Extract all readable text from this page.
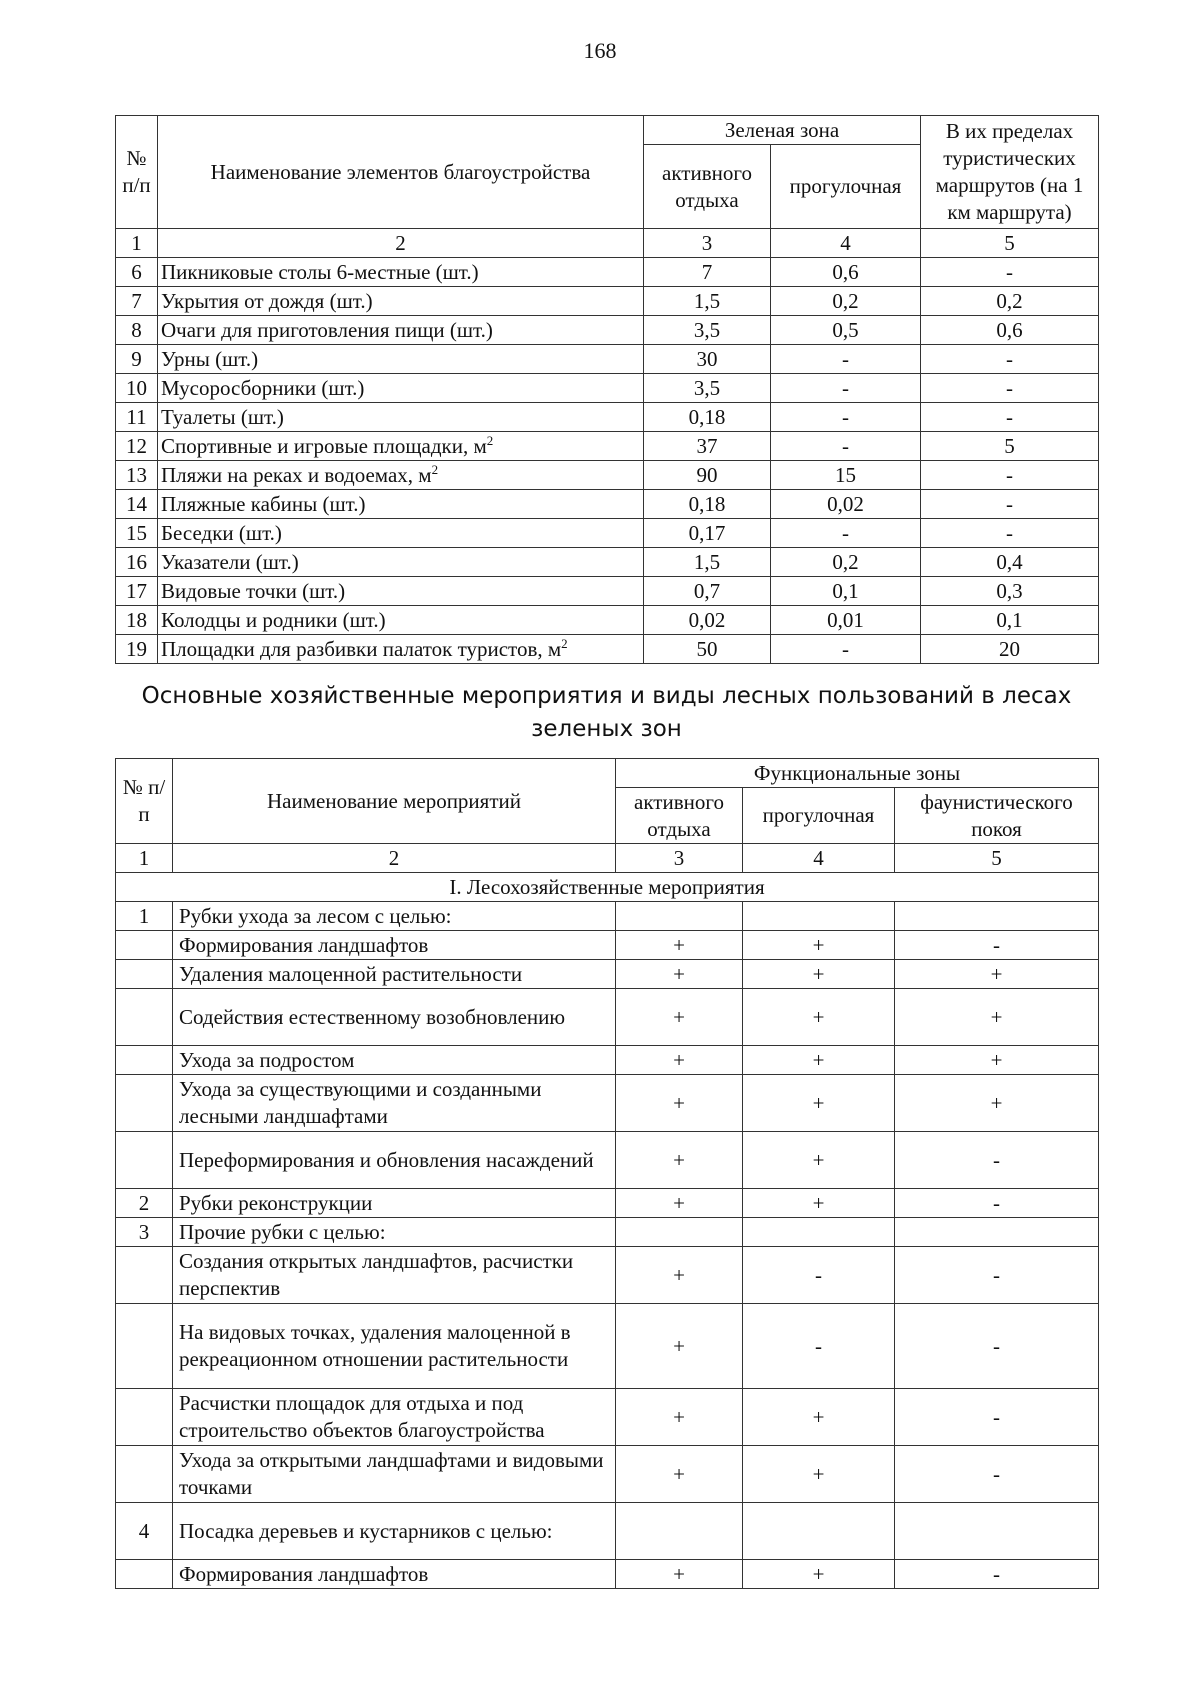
168
№ п/п	Наименование элементов благоустройства	Зеленая зона		В их пределах туристических маршрутов (на 1 км маршрута)
		активного отдыха	прогулочная	
1	2	3	4	5
6	Пикниковые столы 6-местные (шт.)	7	0,6	-
7	Укрытия от дождя (шт.)	1,5	0,2	0,2
8	Очаги для приготовления пищи (шт.)	3,5	0,5	0,6
9	Урны (шт.)	30	-	-
10	Мусоросборники (шт.)	3,5	-	-
11	Туалеты (шт.)	0,18	-	-
12	Спортивные и игровые площадки, $м^2$	37	-	5
13	Пляжи на реках и водоемах, $м^2$	90	15	-
14	Пляжные кабины (шт.)	0,18	0,02	-
15	Беседки (шт.)	0,17	-	-
16	Указатели (шт.)	1,5	0,2	0,4
17	Видовые точки (шт.)	0,7	0,1	0,3
18	Колодцы и родники (шт.)	0,02	0,01	0,1
19	Площадки для разбивки палаток туристов, $м^2$	50	-	20
Основные хозяйственные мероприятия и виды лесных пользований в лесах зеленых зон
№ п/п	Наименование мероприятий	Функциональные зоны		
		активного отдыха	прогулочная	фаунистического покоя
1	2	3	4	5
I. Лесохозяйственные мероприятия				
1	Рубки ухода за лесом с целью:			
	Формирования ландшафтов	+	+	-
	Удаления малоценной растительности	+	+	+
	Содействия естественному возобновлению	+	+	+
	Ухода за подростом	+	+	+
	Ухода за существующими и созданными лесными ландшафтами	+	+	+
	Переформирования и обновления насаждений	+	+	-
2	Рубки реконструкции	+	+	-
3	Прочие рубки с целью:			
	Создания открытых ландшафтов, расчистки перспектив	+	-	-
	На видовых точках, удаления малоценной в рекреационном отношении растительности	+	-	-
	Расчистки площадок для отдыха и под строительство объектов благоустройства	+	+	-
	Ухода за открытыми ландшафтами и видовыми точками	+	+	-
4	Посадка деревьев и кустарников с целью:			
	Формирования ландшафтов	+	+	-
